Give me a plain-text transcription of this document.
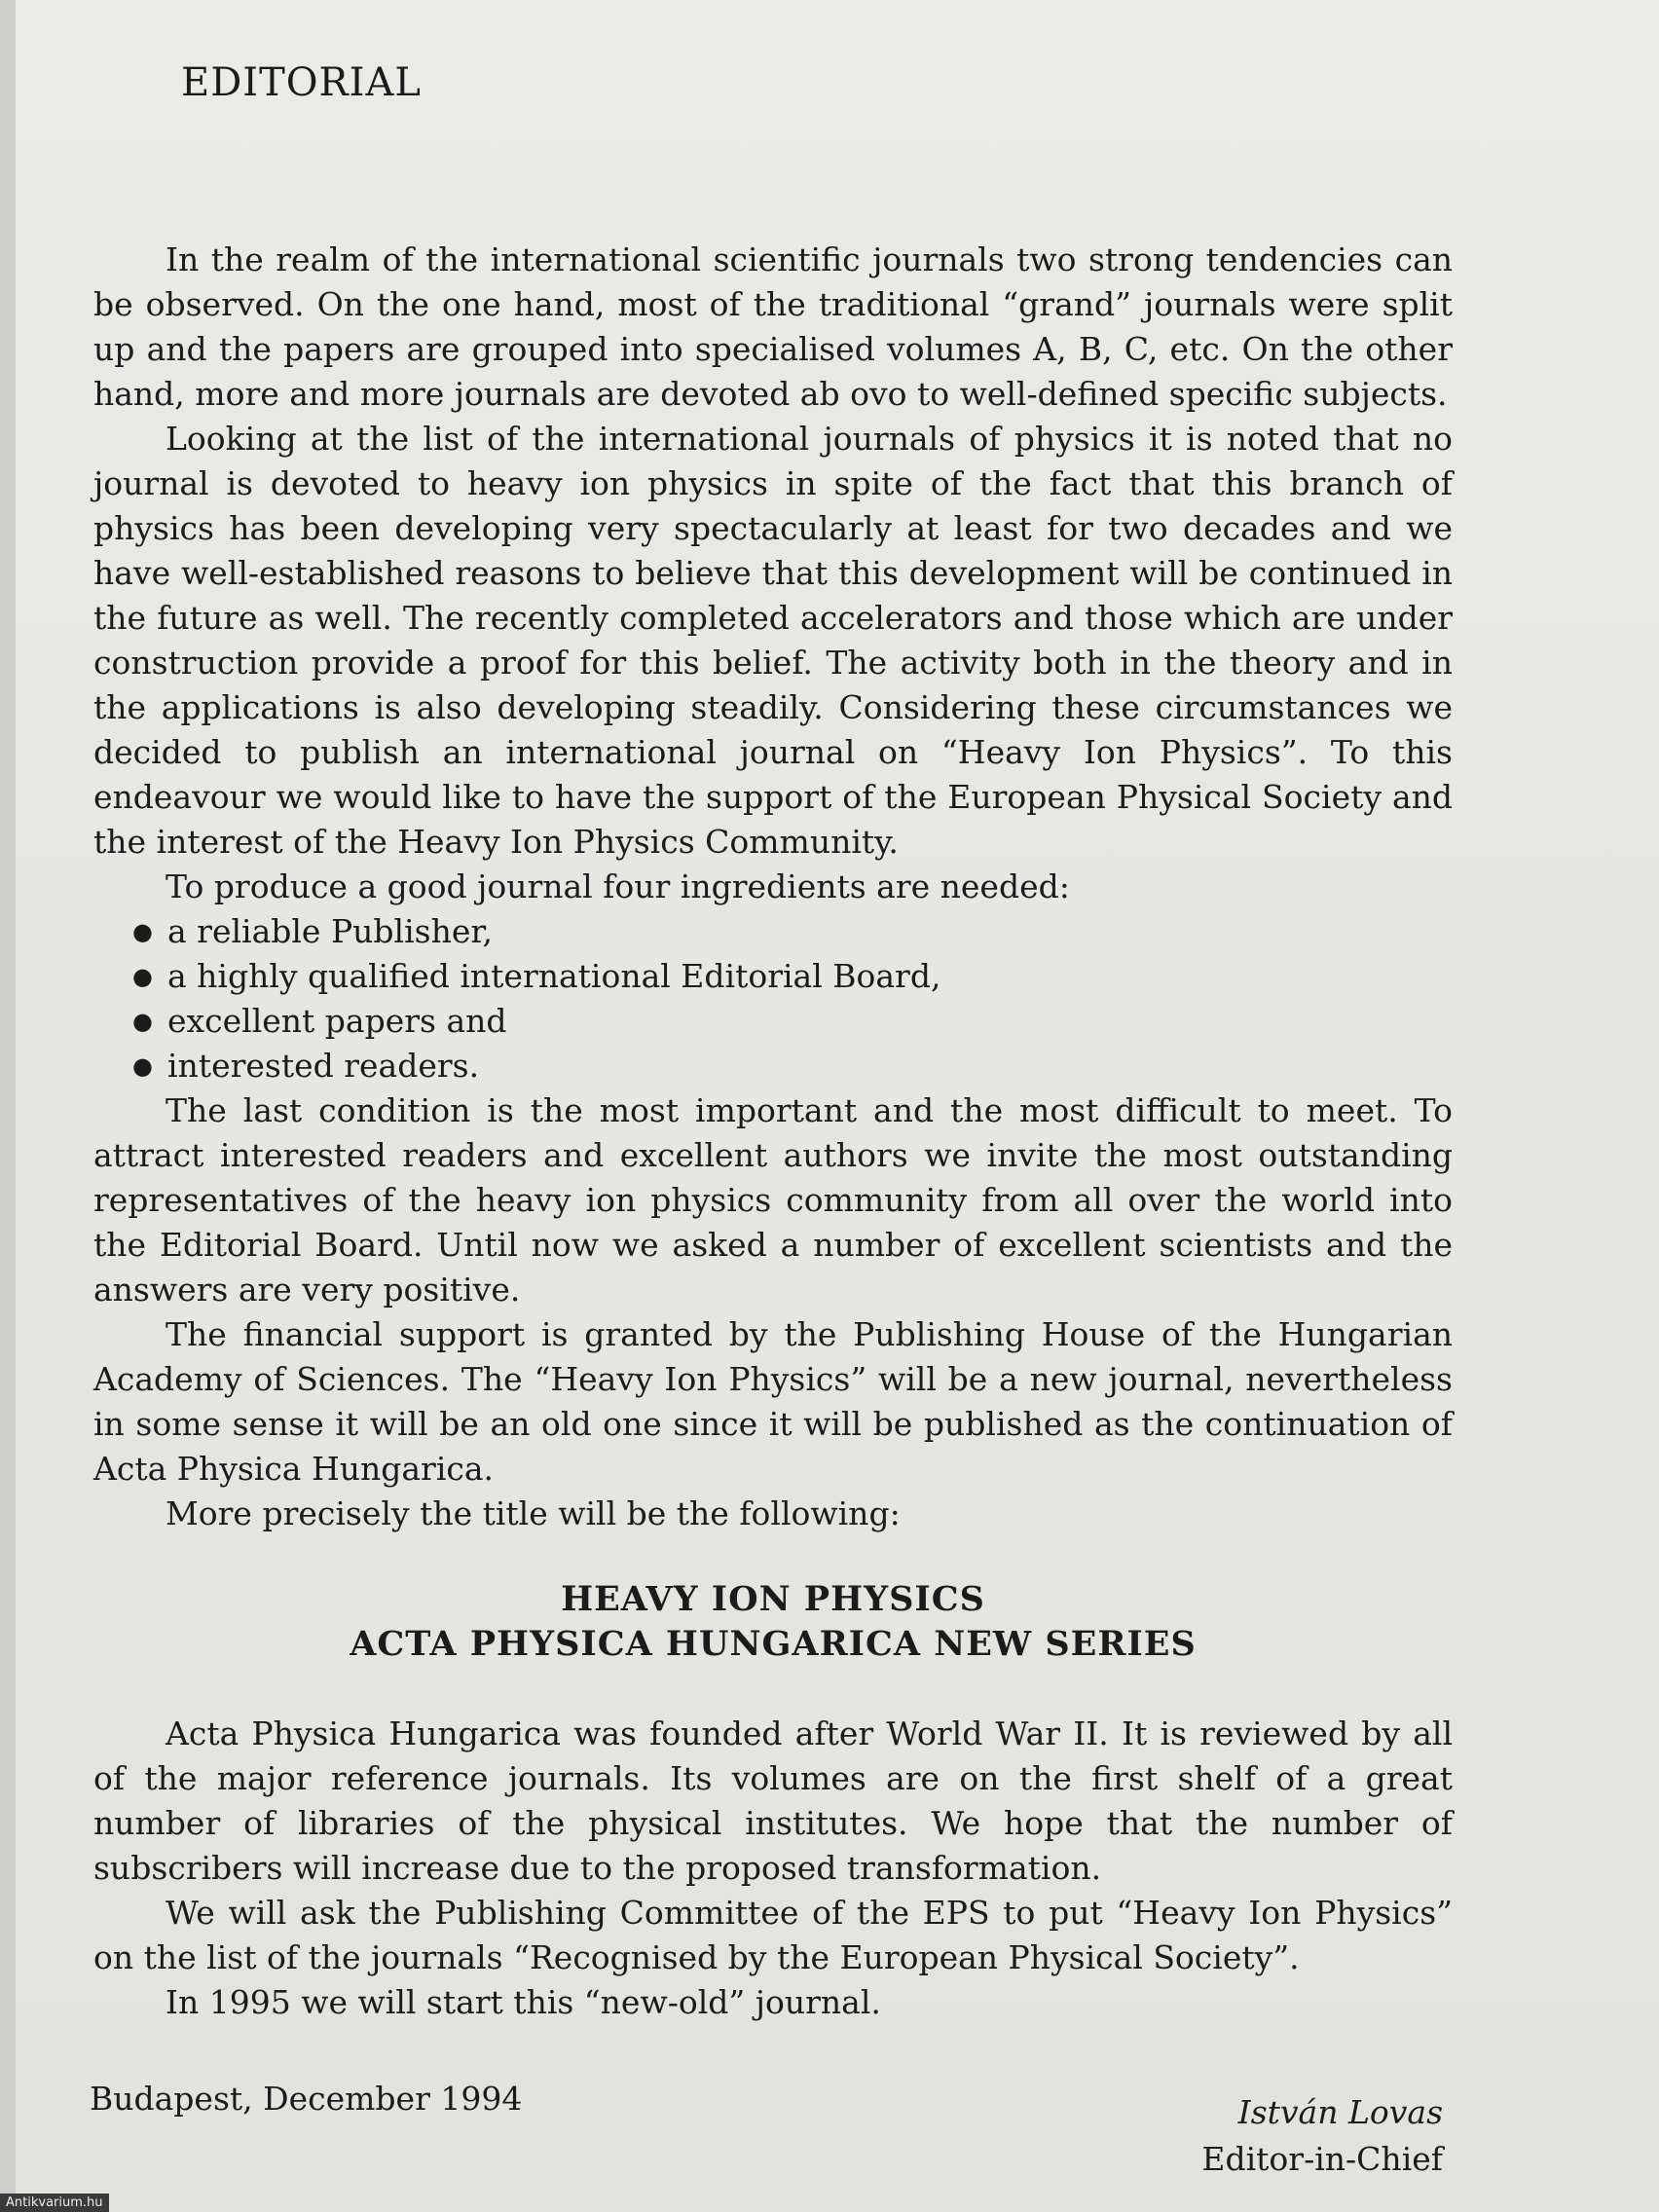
EDITORIAL

In the realm of the international scientific journals two strong tendencies can be observed. On the one hand, most of the traditional “grand” journals were split up and the papers are grouped into specialised volumes A, B, C, etc. On the other hand, more and more journals are devoted ab ovo to well-defined specific subjects.

Looking at the list of the international journals of physics it is noted that no journal is devoted to heavy ion physics in spite of the fact that this branch of physics has been developing very spectacularly at least for two decades and we have well-established reasons to believe that this development will be continued in the future as well. The recently completed accelerators and those which are under construction provide a proof for this belief. The activity both in the theory and in the applications is also developing steadily. Considering these circumstances we decided to publish an international journal on “Heavy Ion Physics”. To this endeavour we would like to have the support of the European Physical Society and the interest of the Heavy Ion Physics Community.

To produce a good journal four ingredients are needed:

● a reliable Publisher,
● a highly qualified international Editorial Board,
● excellent papers and
● interested readers.

The last condition is the most important and the most difficult to meet. To attract interested readers and excellent authors we invite the most outstanding representatives of the heavy ion physics community from all over the world into the Editorial Board. Until now we asked a number of excellent scientists and the answers are very positive.

The financial support is granted by the Publishing House of the Hungarian Academy of Sciences. The “Heavy Ion Physics” will be a new journal, nevertheless in some sense it will be an old one since it will be published as the continuation of Acta Physica Hungarica.

More precisely the title will be the following:

HEAVY ION PHYSICS
ACTA PHYSICA HUNGARICA NEW SERIES

Acta Physica Hungarica was founded after World War II. It is reviewed by all of the major reference journals. Its volumes are on the first shelf of a great number of libraries of the physical institutes. We hope that the number of subscribers will increase due to the proposed transformation.

We will ask the Publishing Committee of the EPS to put “Heavy Ion Physics” on the list of the journals “Recognised by the European Physical Society”.

In 1995 we will start this “new-old” journal.

Budapest, December 1994	István Lovas
Editor-in-Chief
Antikvarium.hu
